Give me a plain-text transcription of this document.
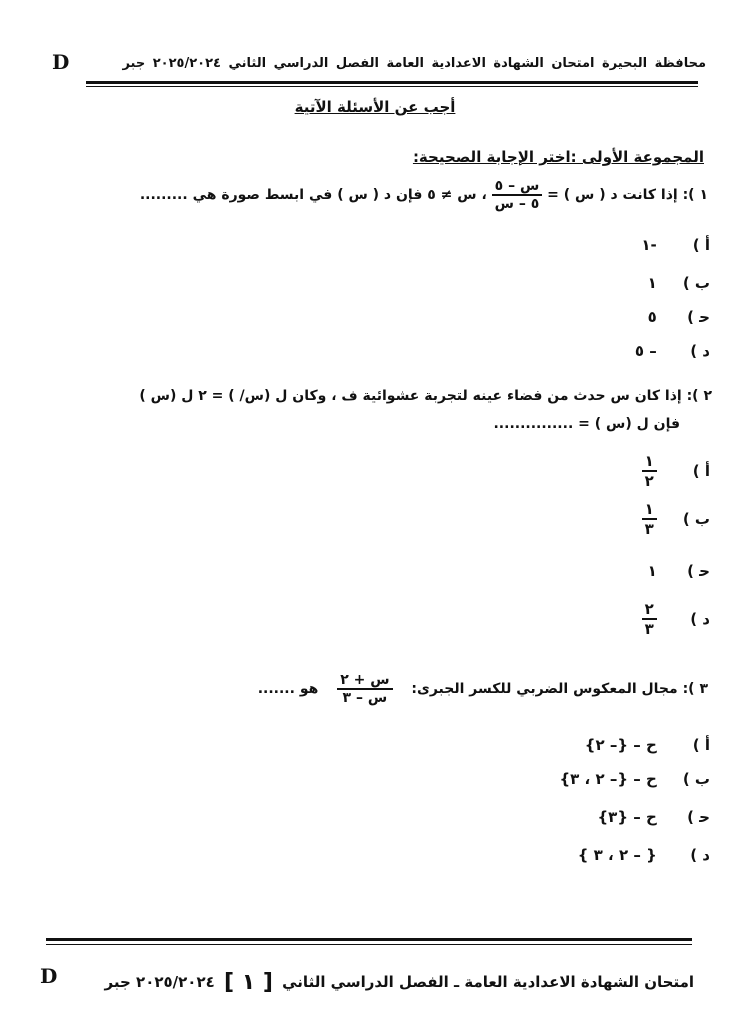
D	محافظة البحيرة امتحان الشهادة الاعدادية العامة الفصل الدراسي الثاني ٢٠٢٥/٢٠٢٤ جبر
أجب عن الأسئلة الآتية
المجموعة الأولى :اختر الإجابة الصحيحة:
١ ): إذا كانت د ( س ) =
$\frac{\text{س – ٥}}{\text{٥ – س}}$
، س ≠ ٥ فإن د ( س ) في ابسط صورة هي .........
أ ) -١
ب ) ١
ﺣ ) ٥
د ) – ٥
٢ ): إذا كان س حدث من فضاء عينه لتجربة عشوائية ف ، وكان ل (س/ ) = ٢ ل (س )
فإن ل (س ) = ...............
أ )
$\frac{١}{٢}$
ب )
$\frac{١}{٣}$
ﺣ ) ١
د )
$\frac{٢}{٣}$
٣ ): مجال المعكوس الضربي للكسر الجبرى:
$\frac{\text{س + ٢}}{\text{س – ٣}}$
هو .......
أ ) ح – {– ٢}
ب ) ح – {– ٢ ، ٣}
ﺣ ) ح – {٣}
د ) { – ٢ ، ٣ }
D	امتحان الشهادة الاعدادية العامة ـ الفصل الدراسي الثاني [ ١ ] ٢٠٢٥/٢٠٢٤ جبر
